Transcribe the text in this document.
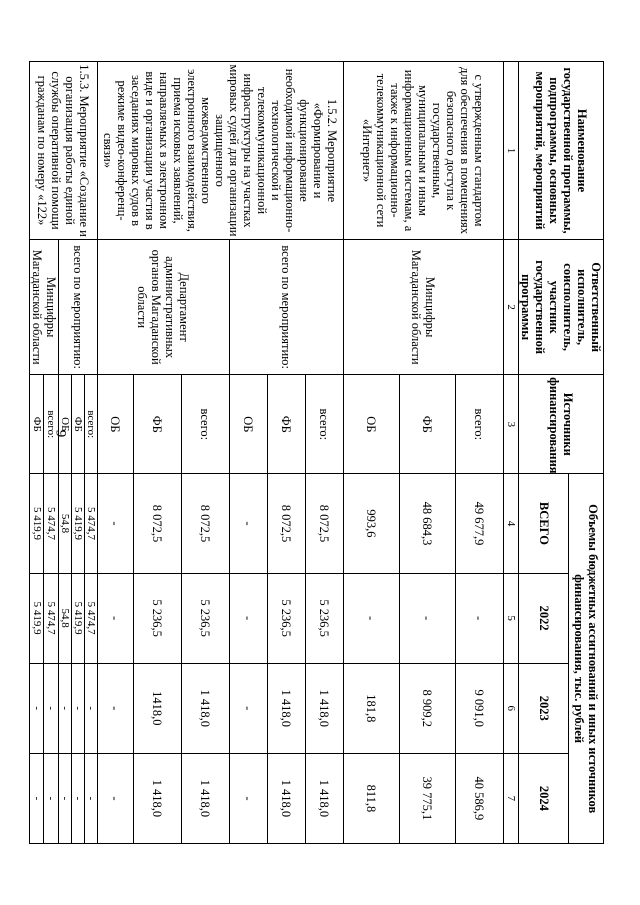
9
Наименование государственной программы, подпрограммы, основных мероприятий, мероприятий	Ответственный исполнитель, соисполнитель, участник государственной программы	Источники финансирования	Объемы бюджетных ассигнований и иных источников финансирования, тыс. рублей			
			ВСЕГО	2022	2023	2024
1	2	3	4	5	6	7
с утвержденным стандартом для обеспечения в помещениях безопасного доступа к государственным, муниципальным и иным информационным системам, а также к информационно-телекоммуникационной сети «Интернет»	Минцифры Магаданской области	всего:	49 677,9	-	9 091,0	40 586,9
		ФБ	48 684,3	-	8 909,2	39 775,1
		ОБ	993,6	-	181,8	811,8
1.5.2. Мероприятие «Формирование и функционирование необходимой информационно-технологической и телекоммуникационной инфраструктуры на участках мировых судей для организации защищенного межведомственного электронного взаимодействия, приема исковых заявлений, направляемых в электронном виде и организации участия в заседаниях мировых судов в режиме видео-конференц-связи»	всего по мероприятию:	всего:	8 072,5	5 236,5	1 418,0	1 418,0
		ФБ	8 072,5	5 236,5	1 418,0	1 418,0
		ОБ	-	-	-	-
	Департамент административных органов Магаданской области	всего:	8 072,5	5 236,5	1 418,0	1 418,0
		ФБ	8 072,5	5 236,5	1418,0	1 418,0
		ОБ	-	-	-	-
1.5.3. Мероприятие «Создание и организация работы единой службы оперативной помощи гражданам по номеру «122»	всего по мероприятию:	всего:	5 474,7	5 474,7	-	-
		ФБ	5 419,9	5 419,9	-	-
		ОБ	54,8	54,8	-	-
	Минцифры Магаданской области	всего:	5 474,7	5 474,7	-	-
		ФБ	5 419,9	5 419,9	-	-
